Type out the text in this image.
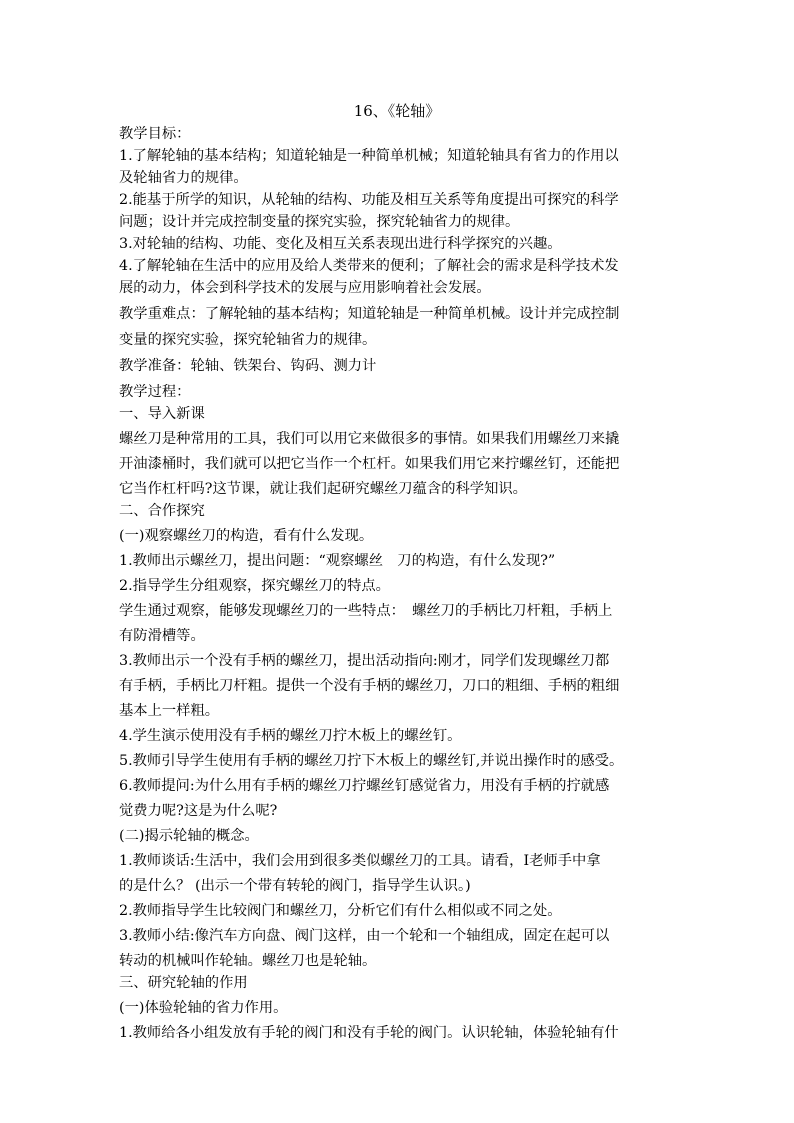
16、《轮轴》
教学目标：
1.了解轮轴的基本结构；知道轮轴是一种简单机械；知道轮轴具有省力的作用以
及轮轴省力的规律。
2.能基于所学的知识，从轮轴的结构、功能及相互关系等角度提出可探究的科学
问题；设计并完成控制变量的探究实验，探究轮轴省力的规律。
3.对轮轴的结构、功能、变化及相互关系表现出进行科学探究的兴趣。
4.了解轮轴在生活中的应用及给人类带来的便利；了解社会的需求是科学技术发
展的动力，体会到科学技术的发展与应用影响着社会发展。
教学重难点：了解轮轴的基本结构；知道轮轴是一种简单机械。设计并完成控制
变量的探究实验，探究轮轴省力的规律。
教学准备：轮轴、铁架台、钩码、测力计
教学过程：
一、导入新课
螺丝刀是种常用的工具，我们可以用它来做很多的事情。如果我们用螺丝刀来撬
开油漆桶时，我们就可以把它当作一个杠杆。如果我们用它来拧螺丝钉，还能把
它当作杠杆吗?这节课，就让我们起研究螺丝刀蕴含的科学知识。
二、合作探究
(一)观察螺丝刀的构造，看有什么发现。
1.教师出示螺丝刀，提出问题：“观察螺丝　刀的构造，有什么发现?”
2.指导学生分组观察，探究螺丝刀的特点。
学生通过观察，能够发现螺丝刀的一些特点：　螺丝刀的手柄比刀杆粗，手柄上
有防滑槽等。
3.教师出示一个没有手柄的螺丝刀，提出活动指向:刚才，同学们发现螺丝刀都
有手柄，手柄比刀杆粗。提供一个没有手柄的螺丝刀，刀口的粗细、手柄的粗细
基本上一样粗。
4.学生演示使用没有手柄的螺丝刀拧木板上的螺丝钉。
5.教师引导学生使用有手柄的螺丝刀拧下木板上的螺丝钉,并说出操作时的感受。
6.教师提问:为什么用有手柄的螺丝刀拧螺丝钉感觉省力，用没有手柄的拧就感
觉费力呢?这是为什么呢?
(二)揭示轮轴的概念。
1.教师谈话:生活中，我们会用到很多类似螺丝刀的工具。请看，I老师手中拿
的是什么？ (出示一个带有转轮的阀门，指导学生认识。)
2.教师指导学生比较阀门和螺丝刀，分析它们有什么相似或不同之处。
3.教师小结:像汽车方向盘、阀门这样，由一个轮和一个轴组成，固定在起可以
转动的机械叫作轮轴。螺丝刀也是轮轴。
三、研究轮轴的作用
(一)体验轮轴的省力作用。
1.教师给各小组发放有手轮的阀门和没有手轮的阀门。认识轮轴，体验轮轴有什
